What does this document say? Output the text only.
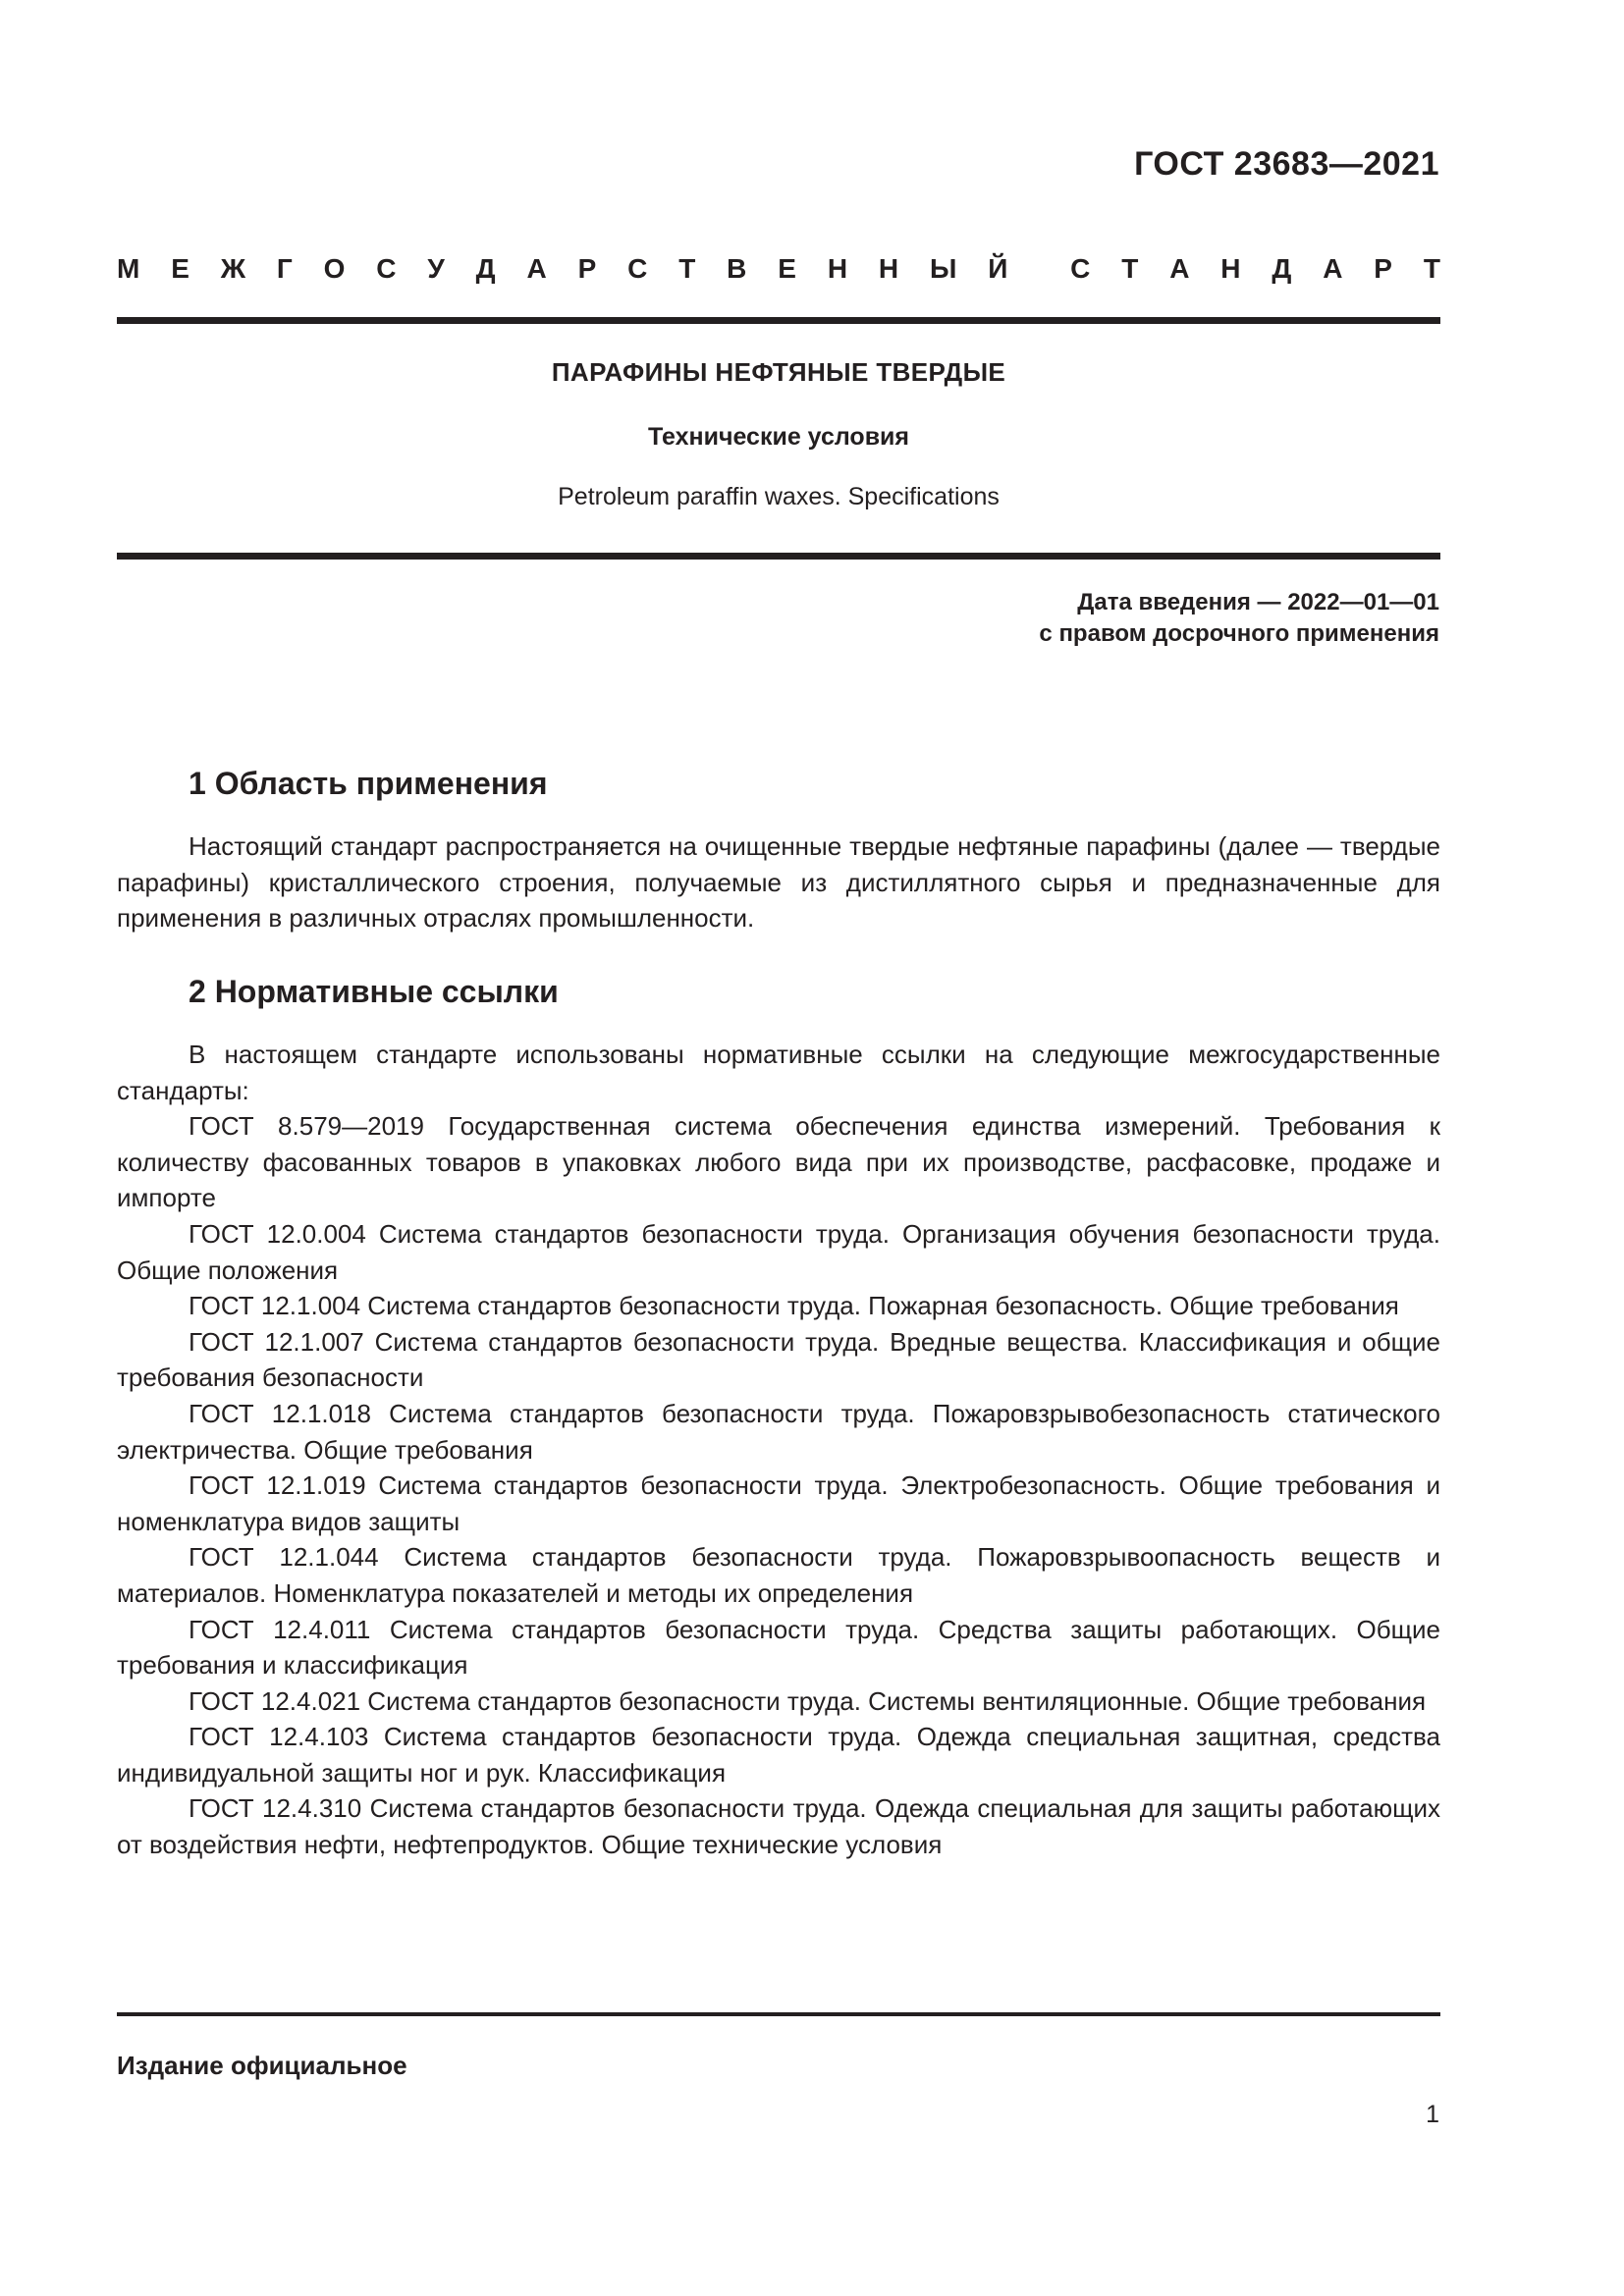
ГОСТ 23683—2021
М Е Ж Г О С У Д А Р С Т В Е Н Н Ы Й С Т А Н Д А Р Т
ПАРАФИНЫ НЕФТЯНЫЕ ТВЕРДЫЕ
Технические условия
Petroleum paraffin waxes. Specifications
Дата введения — 2022—01—01
с правом досрочного применения
1 Область применения

Настоящий стандарт распространяется на очищенные твердые нефтяные парафины (далее — твердые парафины) кристаллического строения, получаемые из дистиллятного сырья и предназначенные для применения в различных отраслях промышленности.

2 Нормативные ссылки

В настоящем стандарте использованы нормативные ссылки на следующие межгосударственные стандарты:

ГОСТ 8.579—2019 Государственная система обеспечения единства измерений. Требования к количеству фасованных товаров в упаковках любого вида при их производстве, расфасовке, продаже и импорте

ГОСТ 12.0.004 Система стандартов безопасности труда. Организация обучения безопасности труда. Общие положения

ГОСТ 12.1.004 Система стандартов безопасности труда. Пожарная безопасность. Общие требования

ГОСТ 12.1.007 Система стандартов безопасности труда. Вредные вещества. Классификация и общие требования безопасности

ГОСТ 12.1.018 Система стандартов безопасности труда. Пожаровзрывобезопасность статического электричества. Общие требования

ГОСТ 12.1.019 Система стандартов безопасности труда. Электробезопасность. Общие требования и номенклатура видов защиты

ГОСТ 12.1.044 Система стандартов безопасности труда. Пожаровзрывоопасность веществ и материалов. Номенклатура показателей и методы их определения

ГОСТ 12.4.011 Система стандартов безопасности труда. Средства защиты работающих. Общие требования и классификация

ГОСТ 12.4.021 Система стандартов безопасности труда. Системы вентиляционные. Общие требования

ГОСТ 12.4.103 Система стандартов безопасности труда. Одежда специальная защитная, средства индивидуальной защиты ног и рук. Классификация

ГОСТ 12.4.310 Система стандартов безопасности труда. Одежда специальная для защиты работающих от воздействия нефти, нефтепродуктов. Общие технические условия

Издание официальное
1
